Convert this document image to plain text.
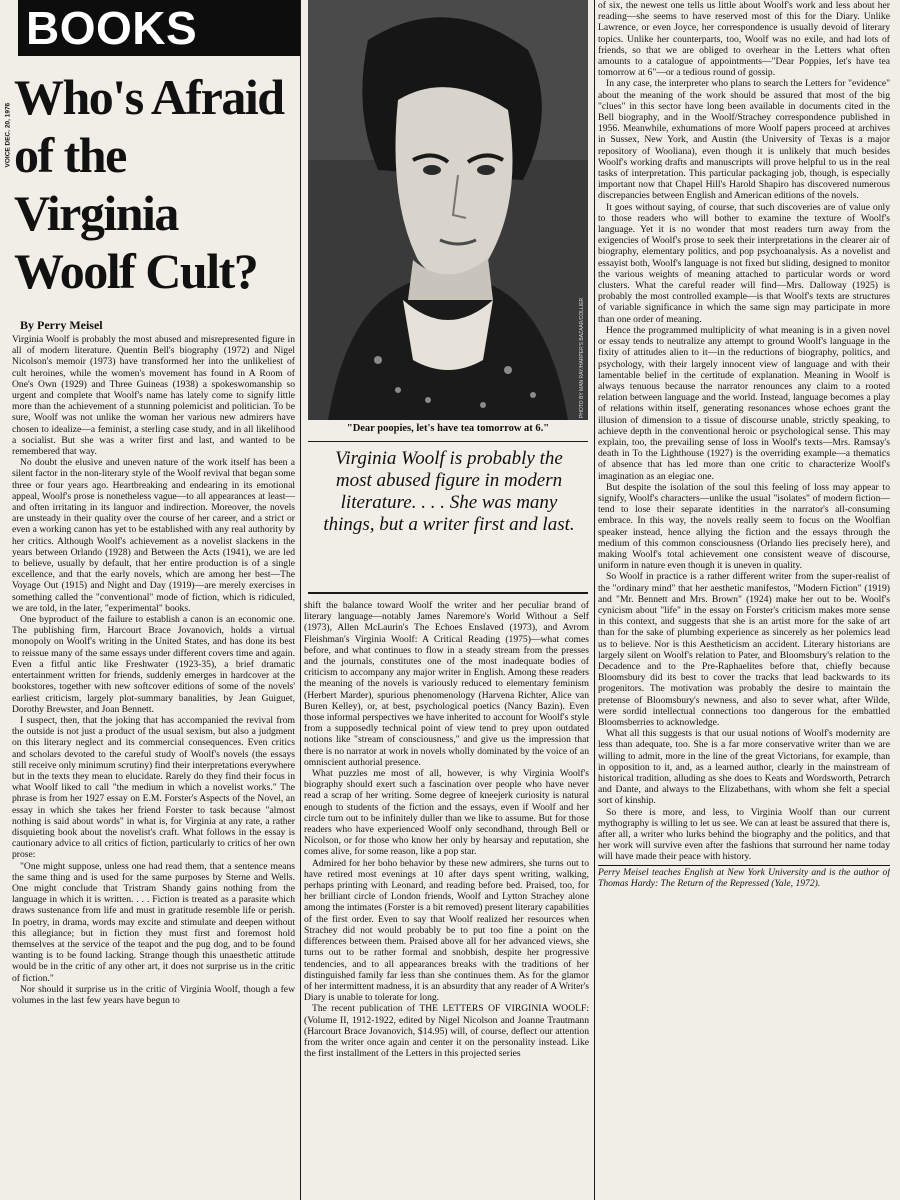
BOOKS
VOICE DEC. 20, 1976
Who's Afraid of the Virginia Woolf Cult?
By Perry Meisel

Virginia Woolf is probably the most abused and misrepresented figure in all of modern literature. Quentin Bell's biography (1972) and Nigel Nicolson's memoir (1973) have transformed her into the unlikeliest of cult heroines, while the women's movement has found in A Room of One's Own (1929) and Three Guineas (1938) a spokeswomanship so urgent and complete that Woolf's name has lately come to signify little more than the achievement of a stunning polemicist and politician. To be sure, Woolf was not unlike the woman her various new admirers have chosen to idealize—a feminist, a sterling case study, and in all likelihood a socialist. But she was a writer first and last, and wanted to be remembered that way.

No doubt the elusive and uneven nature of the work itself has been a silent factor in the non-literary style of the Woolf revival that began some three or four years ago. Heartbreaking and endearing in its emotional appeal, Woolf's prose is nonetheless vague—to all appearances at least—and often irritating in its languor and indirection. Moreover, the novels are unsteady in their quality over the course of her career, and a strict or even a working canon has yet to be established with any real authority by her critics. Although Woolf's achievement as a novelist slackens in the years between Orlando (1928) and Between the Acts (1941), we are led to believe, usually by default, that her entire production is of a single excellence, and that the early novels, which are among her best—The Voyage Out (1915) and Night and Day (1919)—are merely exercises in something called the "conventional" mode of fiction, which is ridiculed, we are told, in the later, "experimental" books.

One byproduct of the failure to establish a canon is an economic one. The publishing firm, Harcourt Brace Jovanovich, holds a virtual monopoly on Woolf's writing in the United States, and has done its best to reissue many of the same essays under different covers time and again. Even a fitful antic like Freshwater (1923-35), a brief dramatic entertainment written for friends, suddenly emerges in hardcover at the bookstores, together with new softcover editions of some of the novels' earliest criticism, largely plot-summary banalities, by Jean Guiguet, Dorothy Brewster, and Joan Bennett.

I suspect, then, that the joking that has accompanied the revival from the outside is not just a product of the usual sexism, but also a judgment on this literary neglect and its commercial consequences. Even critics and scholars devoted to the careful study of Woolf's novels (the essays still receive only minimum scrutiny) find their interpretations everywhere but in the texts they mean to elucidate. Rarely do they find their focus in what Woolf liked to call "the medium in which a novelist works." The phrase is from her 1927 essay on E.M. Forster's Aspects of the Novel, an essay in which she takes her friend Forster to task because "almost nothing is said about words" in what is, for Virginia at any rate, a rather disquieting book about the novelist's craft. What follows in the essay is cautionary advice to all critics of fiction, particularly to critics of her own prose:

"One might suppose, unless one had read them, that a sentence means the same thing and is used for the same purposes by Sterne and Wells. One might conclude that Tristram Shandy gains nothing from the language in which it is written. . . . Fiction is treated as a parasite which draws sustenance from life and must in gratitude resemble life or perish. In poetry, in drama, words may excite and stimulate and deepen without this allegiance; but in fiction they must first and foremost hold themselves at the service of the teapot and the pug dog, and to be found wanting is to be found lacking. Strange though this unaesthetic attitude would be in the critic of any other art, it does not surprise us in the critic of fiction."

Nor should it surprise us in the critic of Virginia Woolf, though a few volumes in the last few years have begun to

PHOTO BY MAN RAY/HARPER'S BAZAAR/COLLIER
"Dear poopies, let's have tea tomorrow at 6."
Virginia Woolf is probably the most abused figure in modern literature. . . . She was many things, but a writer first and last.

shift the balance toward Woolf the writer and her peculiar brand of literary language—notably James Naremore's World Without a Self (1973), Allen McLaurin's The Echoes Enslaved (1973), and Avrom Fleishman's Virginia Woolf: A Critical Reading (1975)—what comes before, and what continues to flow in a steady stream from the presses and the journals, constitutes one of the most inadequate bodies of criticism to accompany any major writer in English. Among these readers the meaning of the novels is variously reduced to elementary feminism (Herbert Marder), spurious phenomenology (Harvena Richter, Alice van Buren Kelley), or, at best, psychological poetics (Nancy Bazin). Even those informal perspectives we have inherited to account for Woolf's style from a supposedly technical point of view tend to prey upon outdated notions like "stream of consciousness," and give us the impression that there is no narrator at work in novels wholly dominated by the voice of an omniscient authorial presence.

What puzzles me most of all, however, is why Virginia Woolf's biography should exert such a fascination over people who have never read a scrap of her writing. Some degree of kneejerk curiosity is natural enough to students of the fiction and the essays, even if Woolf and her circle turn out to be infinitely duller than we like to assume. But for those readers who have experienced Woolf only secondhand, through Bell or Nicolson, or for those who know her only by hearsay and reputation, she comes alive, for some reason, like a pop star.

Admired for her boho behavior by these new admirers, she turns out to have retired most evenings at 10 after days spent writing, walking, perhaps printing with Leonard, and reading before bed. Praised, too, for her brilliant circle of London friends, Woolf and Lytton Strachey alone among the intimates (Forster is a bit removed) present literary capabilities of the first order. Even to say that Woolf realized her resources when Strachey did not would probably be to put too fine a point on the differences between them. Praised above all for her advanced views, she turns out to be rather formal and snobbish, despite her progressive tendencies, and to all appearances breaks with the traditions of her distinguished family far less than she continues them. As for the glamor of her intermittent madness, it is an absurdity that any reader of A Writer's Diary is unable to tolerate for long.

The recent publication of THE LETTERS OF VIRGINIA WOOLF: (Volume II, 1912-1922, edited by Nigel Nicolson and Joanne Trautmann (Harcourt Brace Jovanovich, $14.95) will, of course, deflect our attention from the writer once again and center it on the personality instead. Like the first installment of the Letters in this projected series

of six, the newest one tells us little about Woolf's work and less about her reading—she seems to have reserved most of this for the Diary. Unlike Lawrence, or even Joyce, her correspondence is usually devoid of literary topics. Unlike her counterparts, too, Woolf was no exile, and had lots of friends, so that we are obliged to overhear in the Letters what often amounts to a catalogue of appointments—"Dear Poppies, let's have tea tomorrow at 6"—or a tedious round of gossip.

In any case, the interpreter who plans to search the Letters for "evidence" about the meaning of the work should be assured that most of the big "clues" in this sector have long been available in documents cited in the Bell biography, and in the Woolf/Strachey correspondence published in 1956. Meanwhile, exhumations of more Woolf papers proceed at archives in Sussex, New York, and Austin (the University of Texas is a major repository of Wooliana), even though it is unlikely that much besides Woolf's working drafts and manuscripts will prove helpful to us in the real tasks of interpretation. This particular packaging job, though, is especially important now that Chapel Hill's Harold Shapiro has discovered numerous discrepancies between English and American editions of the novels.

It goes without saying, of course, that such discoveries are of value only to those readers who will bother to examine the texture of Woolf's language. Yet it is no wonder that most readers turn away from the exigencies of Woolf's prose to seek their interpretations in the clearer air of biography, elementary politics, and pop psychoanalysis. As a novelist and essayist both, Woolf's language is not fixed but sliding, designed to monitor the various weights of meaning attached to particular words or word clusters. What the careful reader will find—Mrs. Dalloway (1925) is probably the most controlled example—is that Woolf's texts are structures of variable significance in which the same sign may participate in more than one order of meaning.

Hence the programmed multiplicity of what meaning is in a given novel or essay tends to neutralize any attempt to ground Woolf's language in the fixity of attitudes alien to it—in the reductions of biography, politics, and psychology, with their largely innocent view of language and with their lamentable belief in the certitude of explanation. Meaning in Woolf is always tenuous because the narrator renounces any claim to a rooted relation between language and the world. Instead, language becomes a play of relations within itself, generating resonances whose echoes grant the illusion of dimension to a tissue of discourse unable, strictly speaking, to achieve depth in the conventional heroic or psychological sense. This may explain, too, the prevailing sense of loss in Woolf's texts—Mrs. Ramsay's death in To the Lighthouse (1927) is the overriding example—a thematics of absence that has led more than one critic to characterize Woolf's imagination as an elegiac one.

But despite the isolation of the soul this feeling of loss may appear to signify, Woolf's characters—unlike the usual "isolates" of modern fiction—tend to lose their separate identities in the narrator's all-consuming embrace. In this way, the novels really seem to focus on the Woolfian speaker instead, hence allying the fiction and the essays through the medium of this common consciousness (Orlando lies precisely here), and making Woolf's total achievement one consistent weave of discourse, uniform in nature even though it is uneven in quality.

So Woolf in practice is a rather different writer from the super-realist of the "ordinary mind" that her aesthetic manifestos, "Modern Fiction" (1919) and "Mr. Bennett and Mrs. Brown" (1924) make her out to be. Woolf's cynicism about "life" in the essay on Forster's criticism makes more sense in this context, and suggests that she is an artist more for the sake of art than for the sake of plumbing experience as sincerely as her polemics lead us to believe. Nor is this Aestheticism an accident. Literary historians are largely silent on Woolf's relation to Pater, and Bloomsbury's relation to the Decadence and to the Pre-Raphaelites before that, chiefly because Bloomsbury did its best to cover the tracks that lead backwards to its progenitors. The motivation was probably the desire to maintain the pretense of Bloomsbury's newness, and also to sever what, after Wilde, were sordid intellectual connections too dangerous for the embattled Bloomsberries to acknowledge.

What all this suggests is that our usual notions of Woolf's modernity are less than adequate, too. She is a far more conservative writer than we are willing to admit, more in the line of the great Victorians, for example, than in opposition to it, and, as a learned author, clearly in the mainstream of historical tradition, alluding as she does to Keats and Wordsworth, Petrarch and Dante, and always to the Elizabethans, with whom she felt a special sort of kinship.

So there is more, and less, to Virginia Woolf than our current mythography is willing to let us see. We can at least be assured that there is, after all, a writer who lurks behind the biography and the politics, and that her work will survive even after the fashions that surround her name today will have made their peace with history.

Perry Meisel teaches English at New York University and is the author of Thomas Hardy: The Return of the Repressed (Yale, 1972).
